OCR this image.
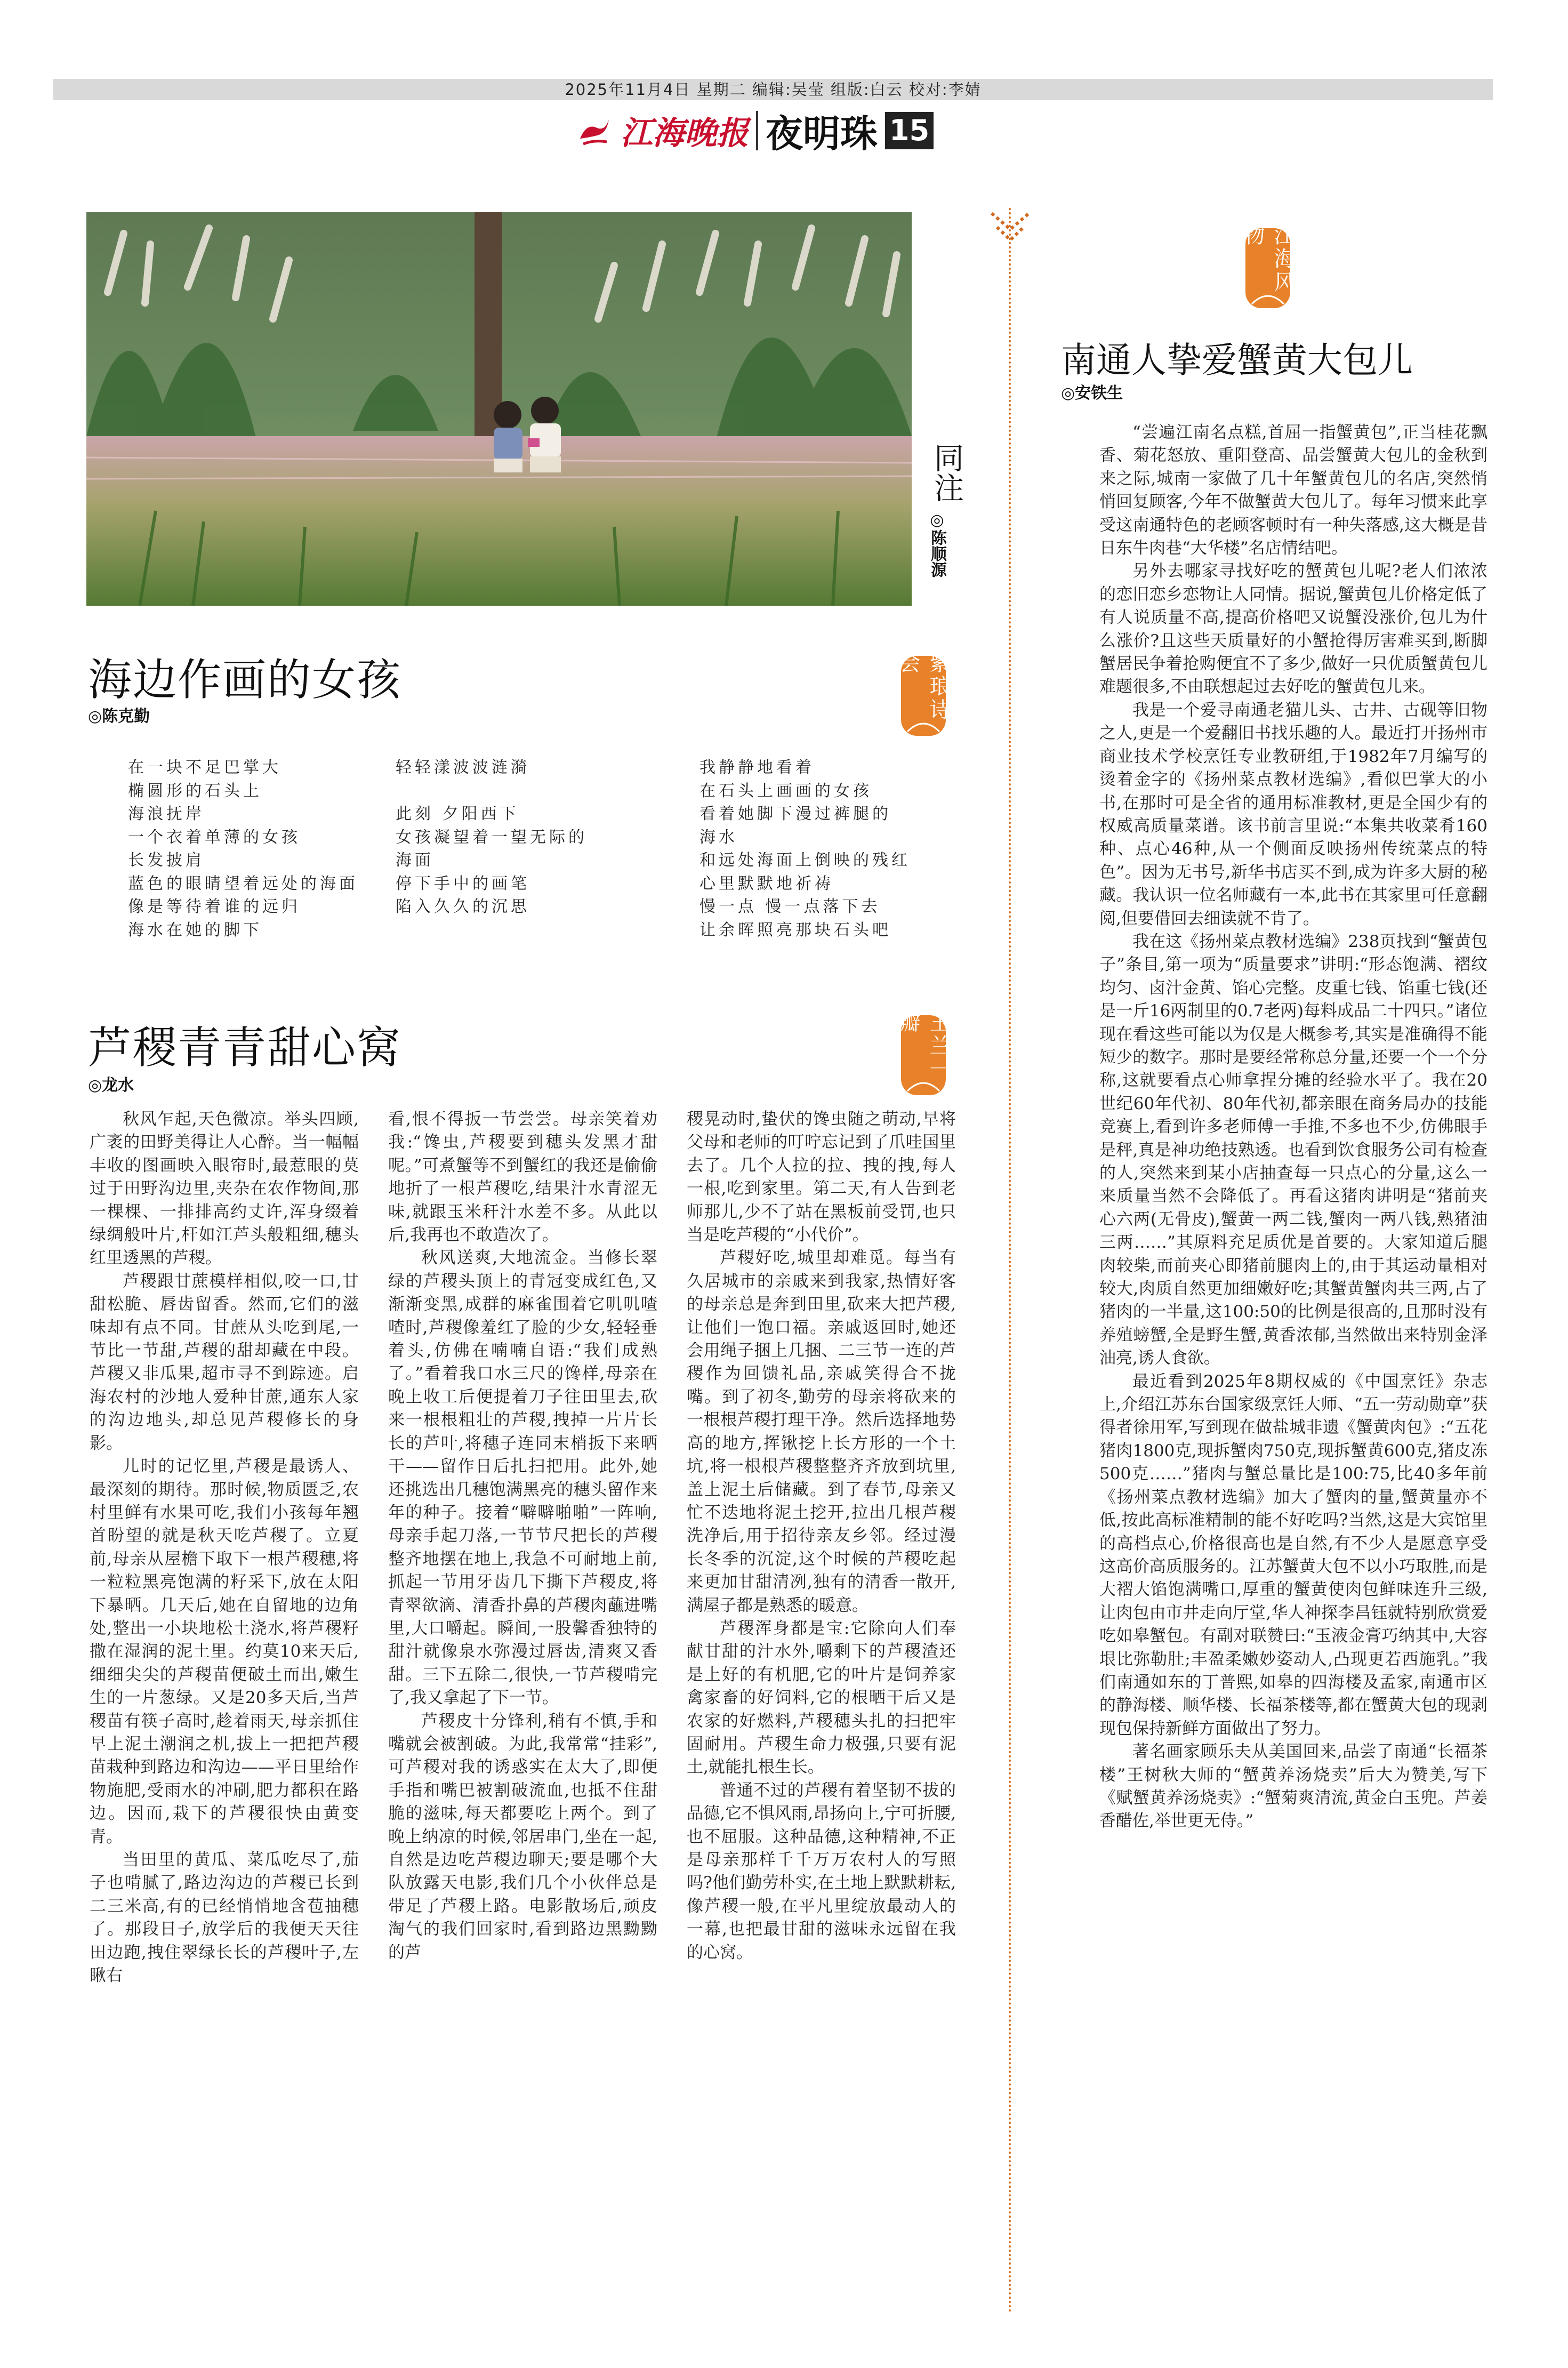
2025年11月4日 星期二 编辑:吴莹 组版:白云 校对:李婧
江海晚报 夜明珠 15
同注
◎陈顺源
海边作画的女孩
◎陈克勤	紫琅诗会
在一块不足巴掌大
椭圆形的石头上
海浪抚岸
一个衣着单薄的女孩
长发披肩
蓝色的眼睛望着远处的海面
像是等待着谁的远归
海水在她的脚下
轻轻漾波波涟漪

此刻 夕阳西下
女孩凝望着一望无际的
海面
停下手中的画笔
陷入久久的沉思
我静静地看着
在石头上画画的女孩
看着她脚下漫过裤腿的
海水
和远处海面上倒映的残红
心里默默地祈祷
慢一点 慢一点落下去
让余晖照亮那块石头吧
芦稷青青甜心窝
◎龙水
玉兰一瓣

秋风乍起,天色微凉。举头四顾,广袤的田野美得让人心醉。当一幅幅丰收的图画映入眼帘时,最惹眼的莫过于田野沟边里,夹杂在农作物间,那一棵棵、一排排高约丈许,浑身缀着绿绸般叶片,杆如江芦头般粗细,穗头红里透黑的芦稷。

芦稷跟甘蔗模样相似,咬一口,甘甜松脆、唇齿留香。然而,它们的滋味却有点不同。甘蔗从头吃到尾,一节比一节甜,芦稷的甜却藏在中段。芦稷又非瓜果,超市寻不到踪迹。启海农村的沙地人爱种甘蔗,通东人家的沟边地头,却总见芦稷修长的身影。

儿时的记忆里,芦稷是最诱人、最深刻的期待。那时候,物质匮乏,农村里鲜有水果可吃,我们小孩每年翘首盼望的就是秋天吃芦稷了。立夏前,母亲从屋檐下取下一根芦稷穗,将一粒粒黑亮饱满的籽采下,放在太阳下暴晒。几天后,她在自留地的边角处,整出一小块地松土浇水,将芦稷籽撒在湿润的泥土里。约莫10来天后,细细尖尖的芦稷苗便破土而出,嫩生生的一片葱绿。又是20多天后,当芦稷苗有筷子高时,趁着雨天,母亲抓住早上泥土潮润之机,拔上一把把芦稷苗栽种到路边和沟边——平日里给作物施肥,受雨水的冲刷,肥力都积在路边。因而,栽下的芦稷很快由黄变青。

当田里的黄瓜、菜瓜吃尽了,茄子也啃腻了,路边沟边的芦稷已长到二三米高,有的已经悄悄地含苞抽穗了。那段日子,放学后的我便天天往田边跑,拽住翠绿长长的芦稷叶子,左瞅右

看,恨不得扳一节尝尝。母亲笑着劝我:“馋虫,芦稷要到穗头发黑才甜呢。”可煮蟹等不到蟹红的我还是偷偷地折了一根芦稷吃,结果汁水青涩无味,就跟玉米秆汁水差不多。从此以后,我再也不敢造次了。

秋风送爽,大地流金。当修长翠绿的芦稷头顶上的青冠变成红色,又渐渐变黑,成群的麻雀围着它叽叽喳喳时,芦稷像羞红了脸的少女,轻轻垂着头,仿佛在喃喃自语:“我们成熟了。”看着我口水三尺的馋样,母亲在晚上收工后便提着刀子往田里去,砍来一根根粗壮的芦稷,拽掉一片片长长的芦叶,将穗子连同末梢扳下来晒干——留作日后扎扫把用。此外,她还挑选出几穗饱满黑亮的穗头留作来年的种子。接着“噼噼啪啪”一阵响,母亲手起刀落,一节节尺把长的芦稷整齐地摆在地上,我急不可耐地上前,抓起一节用牙齿几下撕下芦稷皮,将青翠欲滴、清香扑鼻的芦稷肉蘸进嘴里,大口嚼起。瞬间,一股馨香独特的甜汁就像泉水弥漫过唇齿,清爽又香甜。三下五除二,很快,一节芦稷啃完了,我又拿起了下一节。

芦稷皮十分锋利,稍有不慎,手和嘴就会被割破。为此,我常常“挂彩”,可芦稷对我的诱惑实在太大了,即便手指和嘴巴被割破流血,也抵不住甜脆的滋味,每天都要吃上两个。到了晚上纳凉的时候,邻居串门,坐在一起,自然是边吃芦稷边聊天;要是哪个大队放露天电影,我们几个小伙伴总是带足了芦稷上路。电影散场后,顽皮淘气的我们回家时,看到路边黑黝黝的芦

稷晃动时,蛰伏的馋虫随之萌动,早将父母和老师的叮咛忘记到了爪哇国里去了。几个人拉的拉、拽的拽,每人一根,吃到家里。第二天,有人告到老师那儿,少不了站在黑板前受罚,也只当是吃芦稷的“小代价”。

芦稷好吃,城里却难觅。每当有久居城市的亲戚来到我家,热情好客的母亲总是奔到田里,砍来大把芦稷,让他们一饱口福。亲戚返回时,她还会用绳子捆上几捆、二三节一连的芦稷作为回馈礼品,亲戚笑得合不拢嘴。到了初冬,勤劳的母亲将砍来的一根根芦稷打理干净。然后选择地势高的地方,挥锹挖上长方形的一个土坑,将一根根芦稷整整齐齐放到坑里,盖上泥土后储藏。到了春节,母亲又忙不迭地将泥土挖开,拉出几根芦稷洗净后,用于招待亲友乡邻。经过漫长冬季的沉淀,这个时候的芦稷吃起来更加甘甜清冽,独有的清香一散开,满屋子都是熟悉的暖意。

芦稷浑身都是宝:它除向人们奉献甘甜的汁水外,嚼剩下的芦稷渣还是上好的有机肥,它的叶片是饲养家禽家畜的好饲料,它的根晒干后又是农家的好燃料,芦稷穗头扎的扫把牢固耐用。芦稷生命力极强,只要有泥土,就能扎根生长。

普通不过的芦稷有着坚韧不拔的品德,它不惧风雨,昂扬向上,宁可折腰,也不屈服。这种品德,这种精神,不正是母亲那样千千万万农村人的写照吗?他们勤劳朴实,在土地上默默耕耘,像芦稷一般,在平凡里绽放最动人的一幕,也把最甘甜的滋味永远留在我的心窝。

江海风物
南通人挚爱蟹黄大包儿
◎安铁生

“尝遍江南名点糕,首屈一指蟹黄包”,正当桂花飘香、菊花怒放、重阳登高、品尝蟹黄大包儿的金秋到来之际,城南一家做了几十年蟹黄包儿的名店,突然悄悄回复顾客,今年不做蟹黄大包儿了。每年习惯来此享受这南通特色的老顾客顿时有一种失落感,这大概是昔日东牛肉巷“大华楼”名店情结吧。

另外去哪家寻找好吃的蟹黄包儿呢?老人们浓浓的恋旧恋乡恋物让人同情。据说,蟹黄包儿价格定低了有人说质量不高,提高价格吧又说蟹没涨价,包儿为什么涨价?且这些天质量好的小蟹抢得厉害难买到,断脚蟹居民争着抢购便宜不了多少,做好一只优质蟹黄包儿难题很多,不由联想起过去好吃的蟹黄包儿来。

我是一个爱寻南通老猫儿头、古井、古砚等旧物之人,更是一个爱翻旧书找乐趣的人。最近打开扬州市商业技术学校烹饪专业教研组,于1982年7月编写的烫着金字的《扬州菜点教材选编》,看似巴掌大的小书,在那时可是全省的通用标准教材,更是全国少有的权威高质量菜谱。该书前言里说:“本集共收菜肴160种、点心46种,从一个侧面反映扬州传统菜点的特色”。因为无书号,新华书店买不到,成为许多大厨的秘藏。我认识一位名师藏有一本,此书在其家里可任意翻阅,但要借回去细读就不肯了。

我在这《扬州菜点教材选编》238页找到“蟹黄包子”条目,第一项为“质量要求”讲明:“形态饱满、褶纹均匀、卤汁金黄、馅心完整。皮重七钱、馅重七钱(还是一斤16两制里的0.7老两)每料成品二十四只。”诸位现在看这些可能以为仅是大概参考,其实是准确得不能短少的数字。那时是要经常称总分量,还要一个一个分称,这就要看点心师拿捏分摊的经验水平了。我在20世纪60年代初、80年代初,都亲眼在商务局办的技能竞赛上,看到许多老师傅一手推,不多也不少,仿佛眼手是秤,真是神功绝技熟透。也看到饮食服务公司有检查的人,突然来到某小店抽查每一只点心的分量,这么一来质量当然不会降低了。再看这猪肉讲明是“猪前夹心六两(无骨皮),蟹黄一两二钱,蟹肉一两八钱,熟猪油三两……”其原料充足质优是首要的。大家知道后腿肉较柴,而前夹心即猪前腿肉上的,由于其运动量相对较大,肉质自然更加细嫩好吃;其蟹黄蟹肉共三两,占了猪肉的一半量,这100:50的比例是很高的,且那时没有养殖螃蟹,全是野生蟹,黄香浓郁,当然做出来特别金泽油亮,诱人食欲。

最近看到2025年8期权威的《中国烹饪》杂志上,介绍江苏东台国家级烹饪大师、“五一劳动勋章”获得者徐用军,写到现在做盐城非遗《蟹黄肉包》:“五花猪肉1800克,现拆蟹肉750克,现拆蟹黄600克,猪皮冻500克……”猪肉与蟹总量比是100:75,比40多年前《扬州菜点教材选编》加大了蟹肉的量,蟹黄量亦不低,按此高标准精制的能不好吃吗?当然,这是大宾馆里的高档点心,价格很高也是自然,有不少人是愿意享受这高价高质服务的。江苏蟹黄大包不以小巧取胜,而是大褶大馅饱满嘴口,厚重的蟹黄使肉包鲜味连升三级,让肉包由市井走向厅堂,华人神探李昌钰就特别欣赏爱吃如皋蟹包。有副对联赞曰:“玉液金膏巧纳其中,大容垠比弥勒肚;丰盈柔嫩妙姿动人,凸现更若西施乳。”我们南通如东的丁普熙,如皋的四海楼及孟家,南通市区的静海楼、顺华楼、长福茶楼等,都在蟹黄大包的现剥现包保持新鲜方面做出了努力。

著名画家顾乐夫从美国回来,品尝了南通“长福茶楼”王树秋大师的“蟹黄养汤烧卖”后大为赞美,写下《赋蟹黄养汤烧卖》:“蟹菊爽清流,黄金白玉兜。芦姜香醋佐,举世更无侍。”
